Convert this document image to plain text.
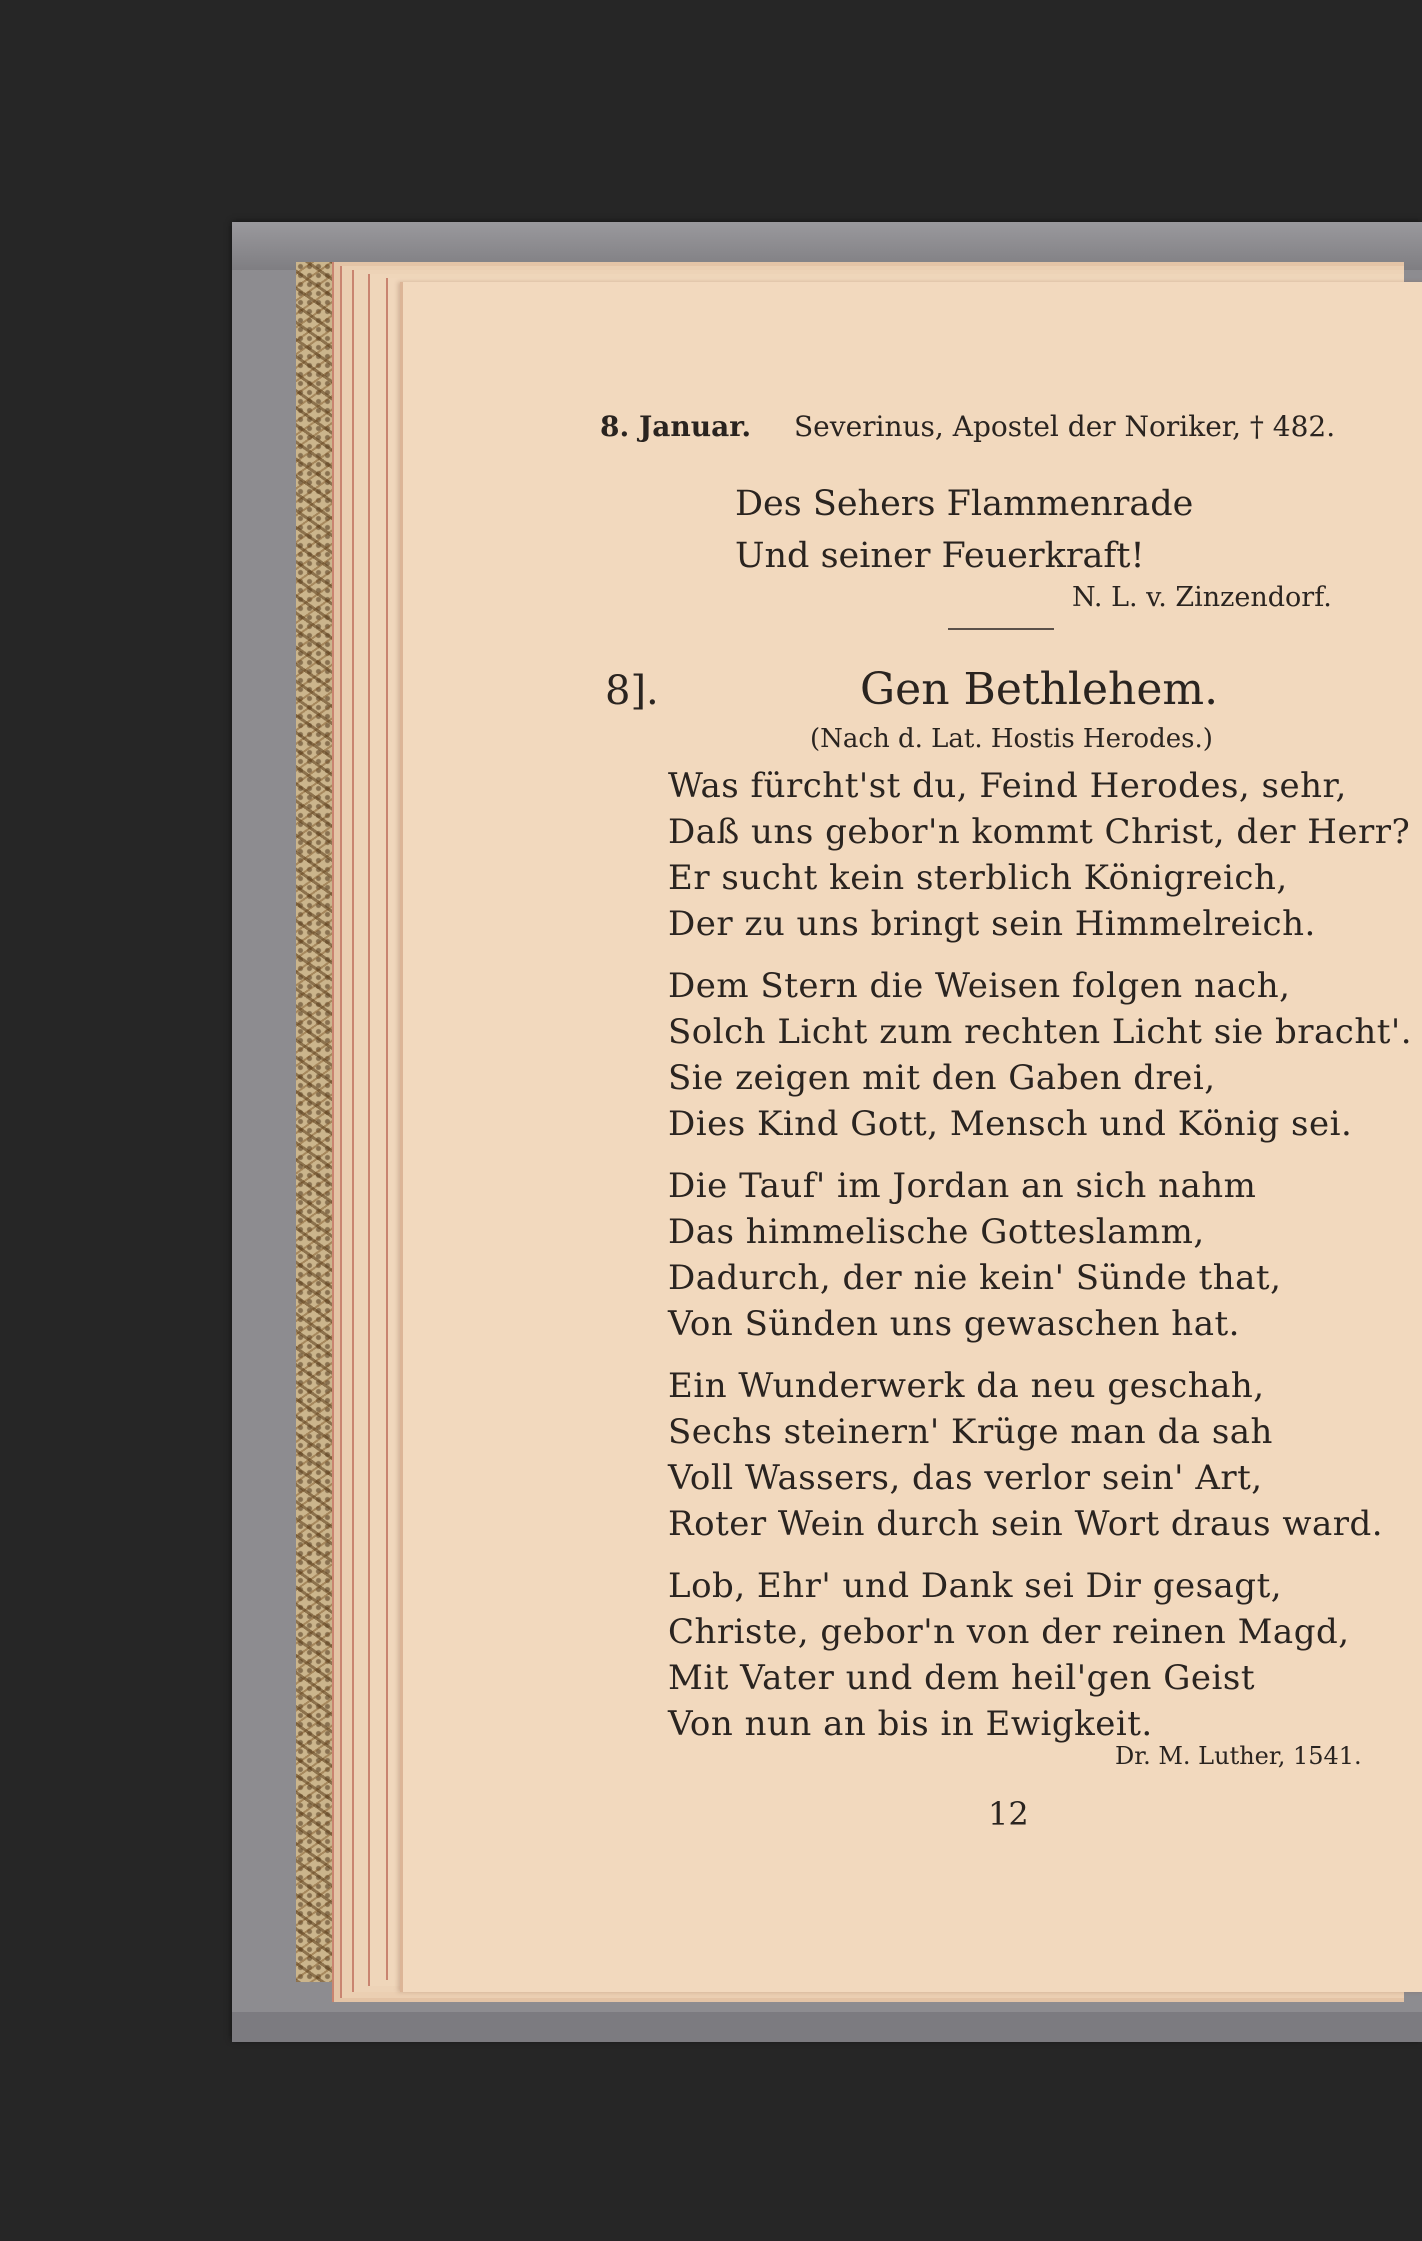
8. Januar. Severinus, Apostel der Noriker, † 482.
Des Sehers Flammenrade
Und seiner Feuerkraft!
N. L. v. Zinzendorf.
8].	Gen Bethlehem.
(Nach d. Lat. Hostis Herodes.)
Was fürcht'st du, Feind Herodes, sehr,
Daß uns gebor'n kommt Christ, der Herr?
Er sucht kein sterblich Königreich,
Der zu uns bringt sein Himmelreich.
Dem Stern die Weisen folgen nach,
Solch Licht zum rechten Licht sie bracht'.
Sie zeigen mit den Gaben drei,
Dies Kind Gott, Mensch und König sei.
Die Tauf' im Jordan an sich nahm
Das himmelische Gotteslamm,
Dadurch, der nie kein' Sünde that,
Von Sünden uns gewaschen hat.
Ein Wunderwerk da neu geschah,
Sechs steinern' Krüge man da sah
Voll Wassers, das verlor sein' Art,
Roter Wein durch sein Wort draus ward.
Lob, Ehr' und Dank sei Dir gesagt,
Christe, gebor'n von der reinen Magd,
Mit Vater und dem heil'gen Geist
Von nun an bis in Ewigkeit.
Dr. M. Luther, 1541.
12
